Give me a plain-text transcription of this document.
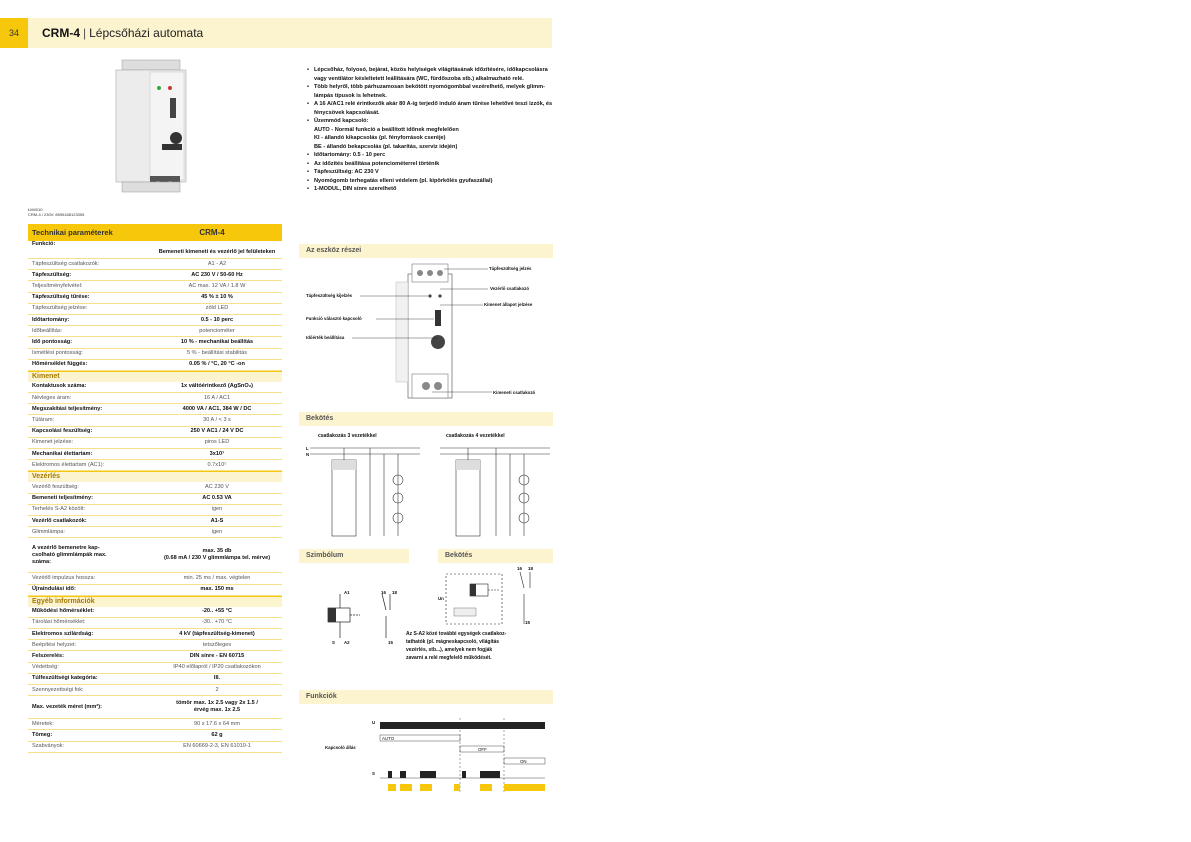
34	CRM-4 | Lépcsőházi automata
ŁM4010
CRM-4 / 230V: 8595188123355
Technikai paraméterek	CRM-4
Funkció:
Bemeneti kimeneti és vezérlő jel felületeken
Tápfeszültség csatlakozók:	A1 - A2
Tápfeszültség:	AC 230 V / 50-60 Hz
Teljesítményfelvétel:	AC max. 12 VA / 1.8 W
Tápfeszültség tűrése:	45 % ± 10 %
Tápfeszültség jelzése:	zöld LED
Időtartomány:	0.5 - 10 perc
Időbeállítás:	potenciométer
Idő pontosság:	10 % - mechanikai beállítás
Ismétlési pontosság:	5 % - beállítási stabilitás
Hőmérséklet függés:	0.05 % / °C, 20 °C -on
Kimenet
Kontaktusok száma:	1x váltóérintkező (AgSnO₂)
Névleges áram:	16 A / AC1
Megszakítási teljesítmény:	4000 VA / AC1, 384 W / DC
Túláram:	30 A / < 3 s
Kapcsolási feszültség:	250 V AC1 / 24 V DC
Kimenet jelzése:	piros LED
Mechanikai élettartam:	3x10⁷
Elektromos élettartam (AC1):	0.7x10⁵
Vezérlés
Vezérlő feszültség:	AC 230 V
Bemeneti teljesítmény:	AC 0.53 VA
Terhelés S-A2 között:	igen
Vezérlő csatlakozók:	A1-S
Glimmlámpa:	igen
A vezérlő bemenetre kap-
csolható glimmlámpák max.
száma:
max. 35 db
(0.68 mA / 230 V glimmlámpa tel. mérve)
Vezérlő impulzus hossza:	min. 25 ms / max. végtelen
Újraindulási idő:	max. 150 ms
Egyéb információk
Működési hőmérséklet:	-20.. +55 °C
Tárolási hőmérséklet:	-30.. +70 °C
Elektromos szilárdság:	4 kV (tápfeszültség-kimenet)
Beépítési helyzet:	tetszőleges
Felszerelés:	DIN sínre - EN 60715
Védettség:	IP40 előlapról / IP20 csatlakozókon
Túlfeszültségi kategória:	III.
Szennyezettségi fok:	2
Max. vezeték méret (mm²):
tömör max. 1x 2.5 vagy 2x 1.5 /
érvég max. 1x 2.5
Méretek:	90 x 17.6 x 64 mm
Tömeg:	62 g
Szabványok:	EN 60669-2-3, EN 61010-1
• Lépcsőház, folyosó, bejárat, közös helyiségek világításának időzítésére, időkapcsolásra vagy ventilátor késleltetett leállítására (WC, fürdőszoba stb.) alkalmazható relé.
• Több helyről, több párhuzamosan bekötött nyomógombbal vezérelhető, melyek glimm-lámpás típusok is lehetnek.
• A 16 A/AC1 relé érintkezők akár 80 A-ig terjedő induló áram tűrése lehetővé teszi izzók, és fénycsövek kapcsolását.
• Üzemmód kapcsoló:
AUTO - Normál funkció a beállított időnek megfelelően
KI - állandó kikapcsolás (pl. fényforrások cseréje)
BE - állandó bekapcsolás (pl. takarítás, szerviz idején)
• Időtartomány: 0.5 - 10 perc
• Az időzítés beállítása potenciométerrel történik
• Tápfeszültség: AC 230 V
• Nyomógomb terhegatás elleni védelem (pl. kipörkölés gyufaszállal)
• 1-MODUL, DIN sínre szerelhető
Az eszköz részei
Tápfeszültség jelzés
Vezérlő csatlakozó
Kimenet állapot jelzése
Tápfeszültség kijelzés
Funkció választó kapcsoló
Időérték beállítása
Kimeneti csatlakozó
Bekötés
csatlakozás 3 vezetékkel	csatlakozás 4 vezetékkel
L
N
Szimbólum	Bekötés
A1
S A2
16 18
15
Un
16 18
15
Az S-A2 közé további egységek csatlakoz-
tathatók (pl. mágneskapcsoló, világítás
vezérlés, stb...), amelyek nem fogják
zavarni a relé megfelelő működését.
Funkciók
U
Kapcsoló állás
AUTO
OFF
ON
S
